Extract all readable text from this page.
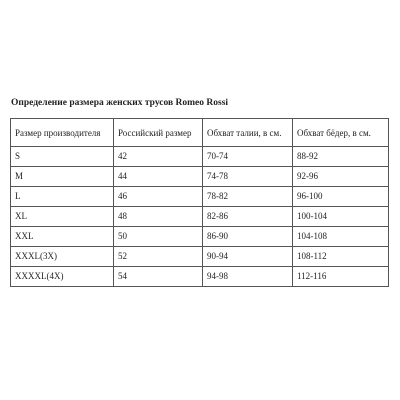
Определение размера женских трусов Romeo Rossi
Размер производителя	Российский размер	Обхват талии, в см.	Обхват бёдер, в см.
S	42	70-74	88-92
M	44	74-78	92-96
L	46	78-82	96-100
XL	48	82-86	100-104
XXL	50	86-90	104-108
XXXL(3X)	52	90-94	108-112
XXXXL(4X)	54	94-98	112-116
